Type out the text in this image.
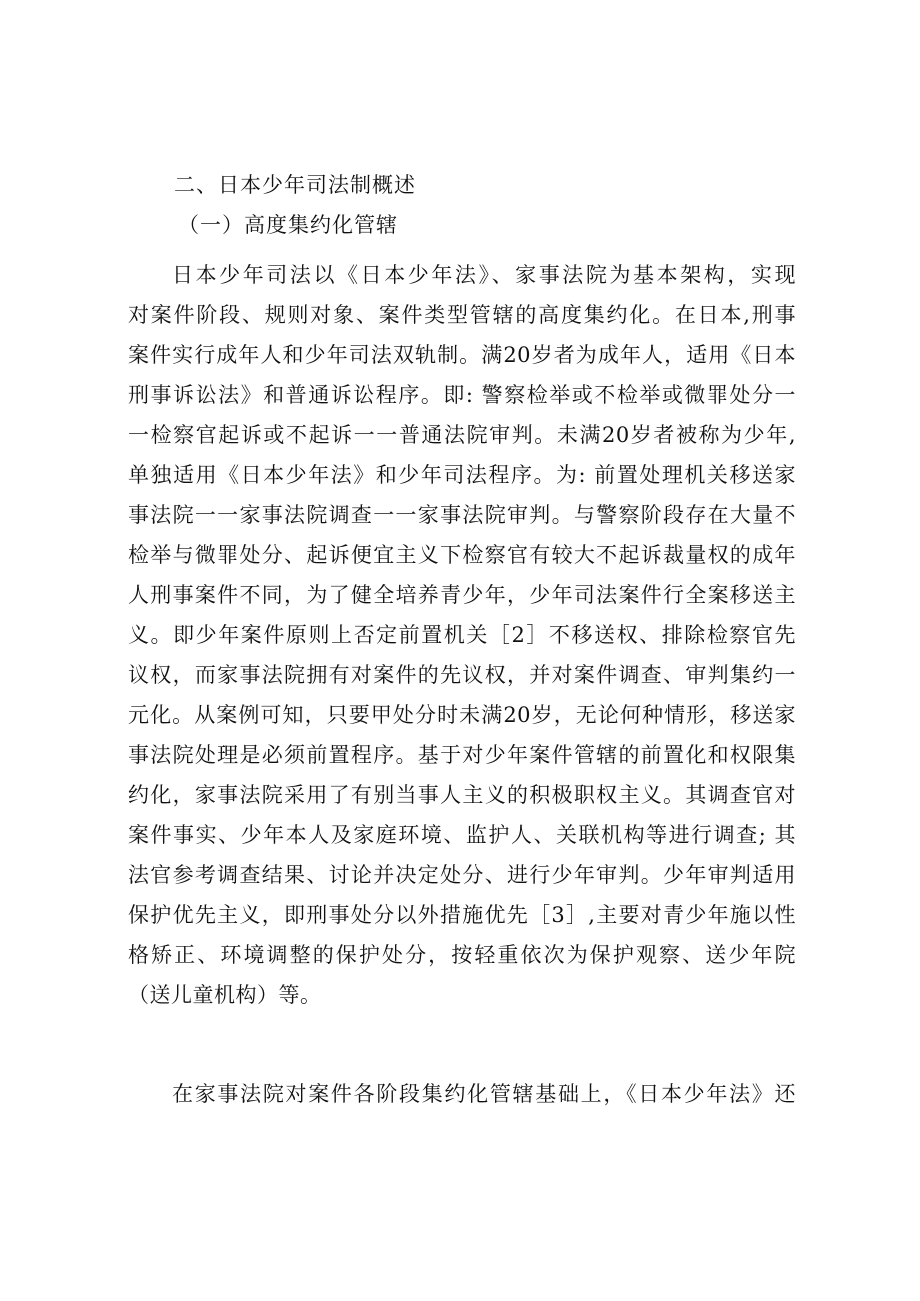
二、日本少年司法制概述
（一）高度集约化管辖
日本少年司法以《日本少年法》、家事法院为基本架构，实现
对案件阶段、规则对象、案件类型管辖的高度集约化。在日本,刑事
案件实行成年人和少年司法双轨制。满20岁者为成年人，适用《日本
刑事诉讼法》和普通诉讼程序。即: 警察检举或不检举或微罪处分一
一检察官起诉或不起诉一一普通法院审判。未满20岁者被称为少年,
单独适用《日本少年法》和少年司法程序。为: 前置处理机关移送家
事法院一一家事法院调查一一家事法院审判。与警察阶段存在大量不
检举与微罪处分、起诉便宜主义下检察官有较大不起诉裁量权的成年
人刑事案件不同，为了健全培养青少年，少年司法案件行全案移送主
义。即少年案件原则上否定前置机关［2］不移送权、排除检察官先
议权，而家事法院拥有对案件的先议权，并对案件调查、审判集约一
元化。从案例可知，只要甲处分时未满20岁，无论何种情形，移送家
事法院处理是必须前置程序。基于对少年案件管辖的前置化和权限集
约化，家事法院采用了有别当事人主义的积极职权主义。其调查官对
案件事实、少年本人及家庭环境、监护人、关联机构等进行调查; 其
法官参考调查结果、讨论并决定处分、进行少年审判。少年审判适用
保护优先主义，即刑事处分以外措施优先［3］,主要对青少年施以性
格矫正、环境调整的保护处分，按轻重依次为保护观察、送少年院
（送儿童机构）等。
在家事法院对案件各阶段集约化管辖基础上，《日本少年法》还
